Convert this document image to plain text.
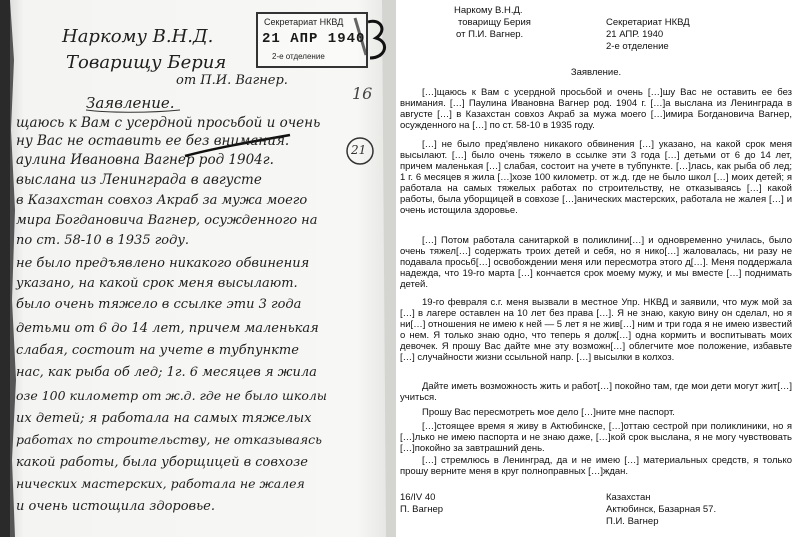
Секретариат НКВД
21 АПР 1940
2-е отделение
16
21
Наркому В.Н.Д.
Товарищу Берия
от П.И. Вагнер.
Заявление.
щаюсь к Вам с усердной просьбой и очень
ну Вас не оставить ее без внимания.
аулина Ивановна Вагнер род 1904г.
выслана из Ленинграда в августе
в Казахстан совхоз Акраб за мужа моего
мира Богдановича Вагнер, осужденного на
по ст. 58-10 в 1935 году.
не было предъявлено никакого обвинения
указано, на какой срок меня высылают.
было очень тяжело в ссылке эти 3 года
детьми от 6 до 14 лет, причем маленькая
слабая, состоит на учете в тубпункте
нас, как рыба об лед; 1г. 6 месяцев я жила
озе 100 километр от ж.д. где не было школы
их детей; я работала на самых тяжелых
работах по строительству, не отказываясь
какой работы, была уборщицей в совхозе
нических мастерских, работала не жалея
и очень истощила здоровье.
Наркому В.Н.Д.
товарищу Берия
от П.И. Вагнер.
Секретариат НКВД
21 АПР. 1940
2-е отделение
Заявление.
[…]щаюсь к Вам с усердной просьбой и очень […]шу Вас не оставить ее без внимания. […] Паулина Ивановна Вагнер род. 1904 г. […]а выслана из Ленинграда в августе […] в Казахстан совхоз Акраб за мужа моего […]имира Богдановича Вагнер, осужденного на […] по ст. 58-10 в 1935 году.
[…] не было пред'явлено никакого обвинения […] указано, на какой срок меня высылают. […] было очень тяжело в ссылке эти 3 года […] детьми от 6 до 14 лет, причем маленькая […] слабая, состоит на учете в тубпункте. […]лась, как рыба об лед; 1 г. 6 месяцев я жила […]хозе 100 километр. от ж.д. где не было школ […] моих детей; я работала на самых тяжелых работах по строительству, не отказываясь […] какой работы, была уборщицей в совхозе […]анических мастерских, работала не жалея […] и очень истощила здоровье.
[…] Потом работала санитаркой в поликлини[…] и одновременно училась, было очень тяжел[…] содержать троих детей и себя, но я нико[…] жаловалась, ни разу не подавала просьб[…] освобождении меня или пересмотра этого д[…]. Меня поддержала надежда, что 19-го марта […] кончается срок моему мужу, и мы вместе […] поднимать детей.
19-го февраля с.г. меня вызвали в местное Упр. НКВД и заявили, что муж мой за […] в лагере оставлен на 10 лет без права […]. Я не знаю, какую вину он сделал, но я ни[…] отношения не имею к ней — 5 лет я не жив[…] ним и три года я не имею известий о нем. Я только знаю одно, что теперь я долж[…] одна кормить и воспитывать моих девочек. Я прошу Вас дайте мне эту возможн[…] облегчите мое положение, избавьте […] случайности жизни ссыльной напр. […] высылки в колхоз.
Дайте иметь возможность жить и работ[…] покойно там, где мои дети могут жит[…] учиться.
Прошу Вас пересмотреть мое дело […]ните мне паспорт.
[…]стоящее время я живу в Актюбинске, […]оттаю сестрой при поликлиники, но я […]лько не имею паспорта и не знаю даже, […]кой срок выслана, я не могу чувствовать […]покойно за завтрашний день.
[…] стремлюсь в Ленинград, да и не имею […] материальных средств, я только прошу верните меня в круг полноправных […]ждан.
16/IV 40
П. Вагнер
Казахстан
Актюбинск, Базарная 57.
П.И. Вагнер
